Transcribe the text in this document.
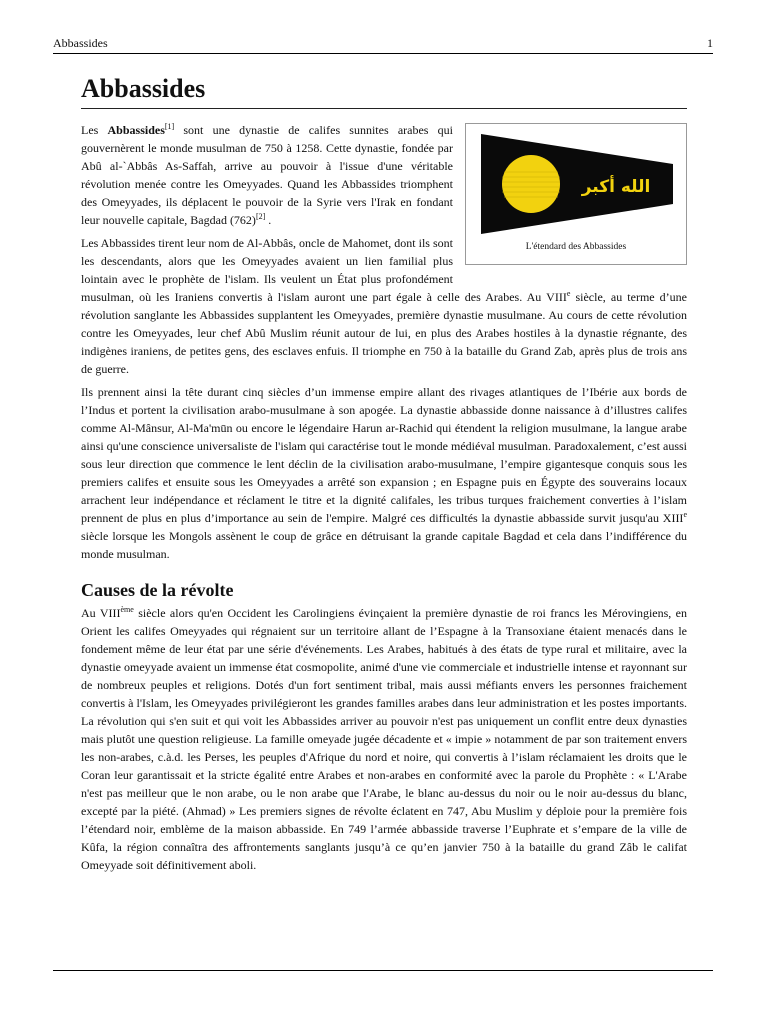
Abbassides	1
Abbassides
الله أكبر
L'étendard des Abbassides

Les Abbassides[1] sont une dynastie de califes sunnites arabes qui gouvernèrent le monde musulman de 750 à 1258. Cette dynastie, fondée par Abû al-`Abbâs As-Saffah, arrive au pouvoir à l'issue d'une véritable révolution menée contre les Omeyyades. Quand les Abbassides triomphent des Omeyyades, ils déplacent le pouvoir de la Syrie vers l'Irak en fondant leur nouvelle capitale, Bagdad (762)[2] .

Les Abbassides tirent leur nom de Al-Abbâs, oncle de Mahomet, dont ils sont les descendants, alors que les Omeyyades avaient un lien familial plus lointain avec le prophète de l'islam. Ils veulent un État plus profondément musulman, où les Iraniens convertis à l'islam auront une part égale à celle des Arabes. Au VIIIe siècle, au terme d’une révolution sanglante les Abbassides supplantent les Omeyyades, première dynastie musulmane. Au cours de cette révolution contre les Omeyyades, leur chef Abû Muslim réunit autour de lui, en plus des Arabes hostiles à la dynastie régnante, des indigènes iraniens, de petites gens, des esclaves enfuis. Il triomphe en 750 à la bataille du Grand Zab, après plus de trois ans de guerre.

Ils prennent ainsi la tête durant cinq siècles d’un immense empire allant des rivages atlantiques de l’Ibérie aux bords de l’Indus et portent la civilisation arabo-musulmane à son apogée. La dynastie abbasside donne naissance à d’illustres califes comme Al-Mânsur, Al-Ma'mūn ou encore le légendaire Harun ar-Rachid qui étendent la religion musulmane, la langue arabe ainsi qu'une conscience universaliste de l'islam qui caractérise tout le monde médiéval musulman. Paradoxalement, c’est aussi sous leur direction que commence le lent déclin de la civilisation arabo-musulmane, l’empire gigantesque conquis sous les premiers califes et ensuite sous les Omeyyades a arrêté son expansion ; en Espagne puis en Égypte des souverains locaux arrachent leur indépendance et réclament le titre et la dignité califales, les tribus turques fraichement converties à l’islam prennent de plus en plus d’importance au sein de l'empire. Malgré ces difficultés la dynastie abbasside survit jusqu'au XIIIe siècle lorsque les Mongols assènent le coup de grâce en détruisant la grande capitale Bagdad et cela dans l’indifférence du monde musulman.

Causes de la révolte

Au VIIIème siècle alors qu'en Occident les Carolingiens évinçaient la première dynastie de roi francs les Mérovingiens, en Orient les califes Omeyyades qui régnaient sur un territoire allant de l’Espagne à la Transoxiane étaient menacés dans le fondement même de leur état par une série d'événements. Les Arabes, habitués à des états de type rural et militaire, avec la dynastie omeyyade avaient un immense état cosmopolite, animé d'une vie commerciale et industrielle intense et rayonnant sur de nombreux peuples et religions. Dotés d'un fort sentiment tribal, mais aussi méfiants envers les personnes fraichement convertis à l'Islam, les Omeyyades privilégieront les grandes familles arabes dans leur administration et les postes importants. La révolution qui s'en suit et qui voit les Abbassides arriver au pouvoir n'est pas uniquement un conflit entre deux dynasties mais plutôt une question religieuse. La famille omeyade jugée décadente et « impie » notamment de par son traitement envers les non-arabes, c.à.d. les Perses, les peuples d'Afrique du nord et noire, qui convertis à l’islam réclamaient les droits que le Coran leur garantissait et la stricte égalité entre Arabes et non-arabes en conformité avec la parole du Prophète : « L'Arabe n'est pas meilleur que le non arabe, ou le non arabe que l'Arabe, le blanc au-dessus du noir ou le noir au-dessus du blanc, excepté par la piété. (Ahmad) » Les premiers signes de révolte éclatent en 747, Abu Muslim y déploie pour la première fois l’étendard noir, emblème de la maison abbasside. En 749 l’armée abbasside traverse l’Euphrate et s’empare de la ville de Kûfa, la région connaîtra des affrontements sanglants jusqu’à ce qu’en janvier 750 à la bataille du grand Zâb le califat Omeyyade soit définitivement aboli.
